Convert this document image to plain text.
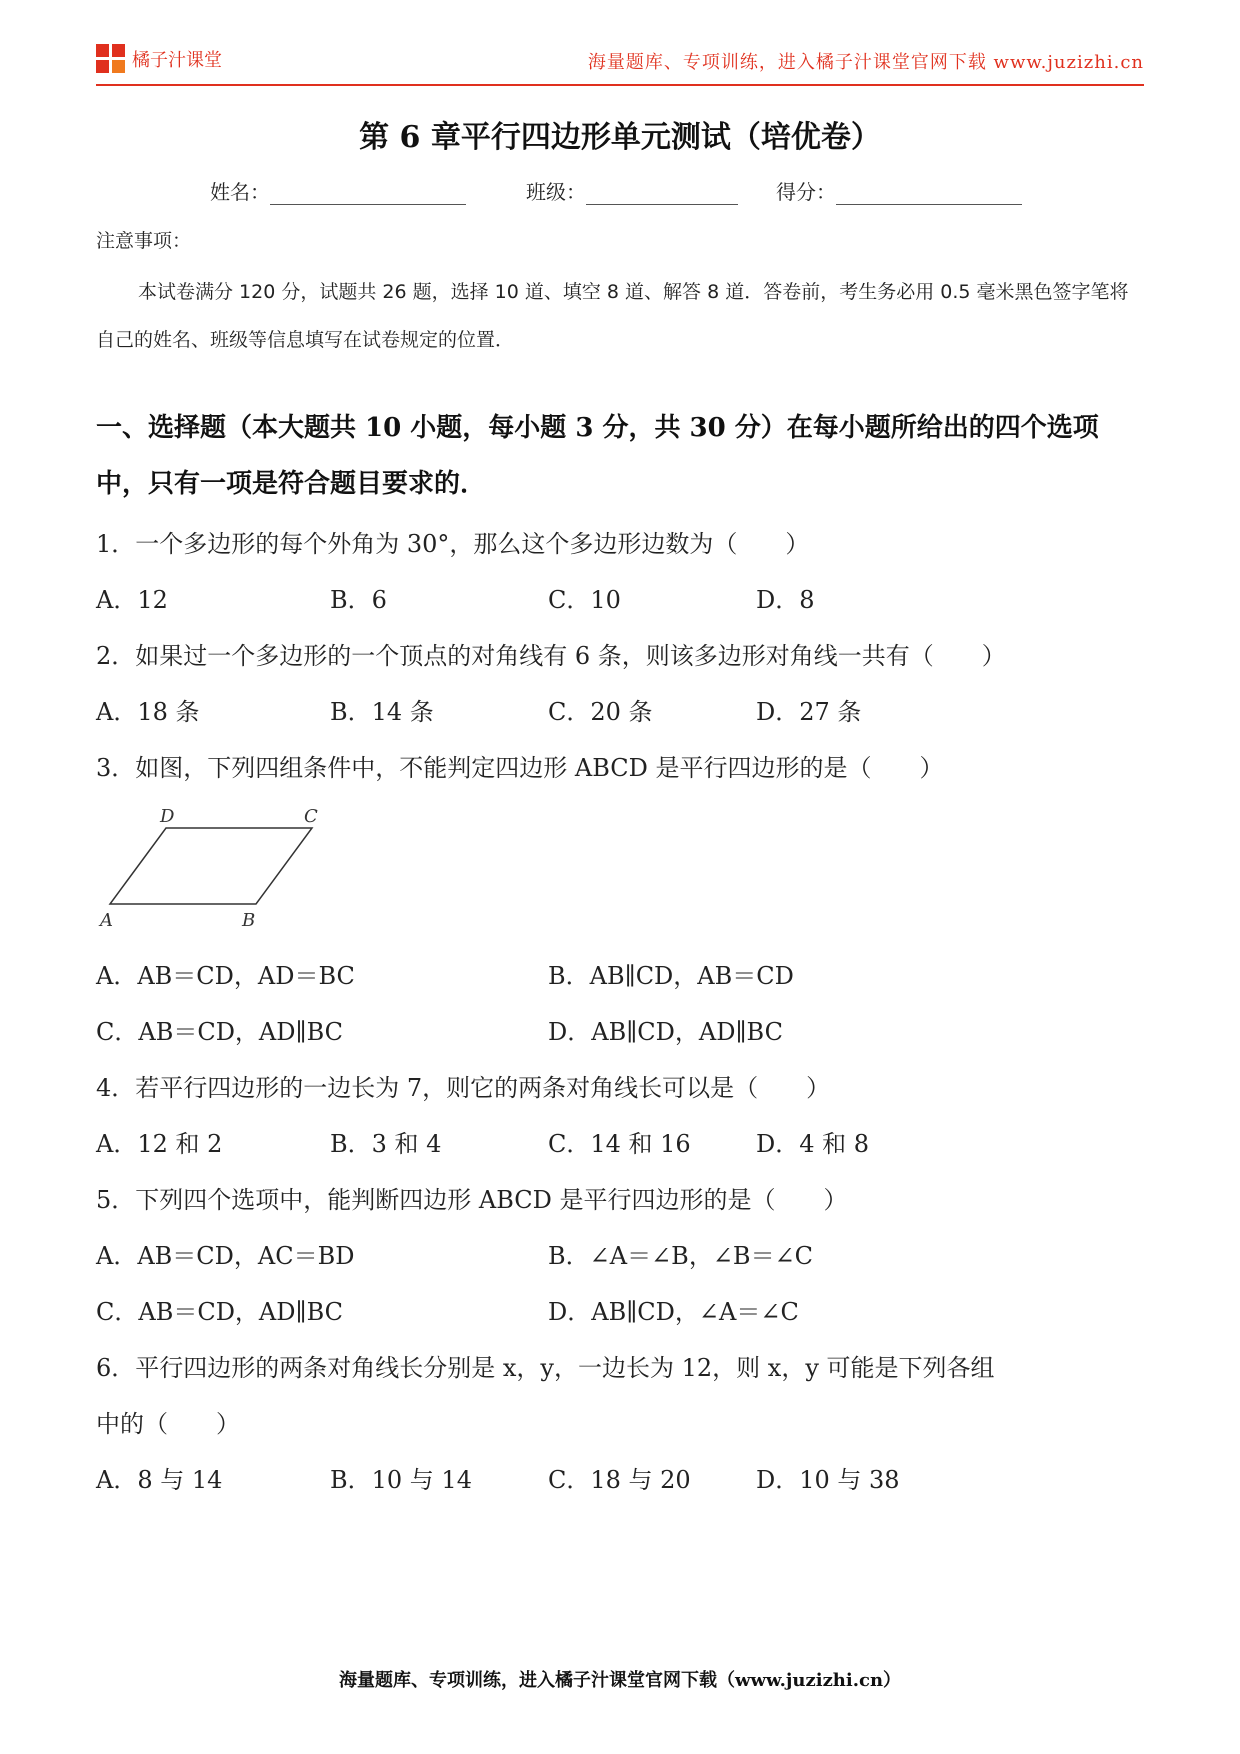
橘子汁课堂	海量题库、专项训练，进入橘子汁课堂官网下载 www.juzizhi.cn
第 6 章平行四边形单元测试（培优卷）
姓名：	班级：	得分：
注意事项：
本试卷满分 120 分，试题共 26 题，选择 10 道、填空 8 道、解答 8 道．答卷前，考生务必用 0.5 毫米黑色签字笔将自己的姓名、班级等信息填写在试卷规定的位置．
一、选择题（本大题共 10 小题，每小题 3 分，共 30 分）在每小题所给出的四个选项中，只有一项是符合题目要求的．
1．一个多边形的每个外角为 30°，那么这个多边形边数为（　　）
A．12	B．6	C．10	D．8
2．如果过一个多边形的一个顶点的对角线有 6 条，则该多边形对角线一共有（　　）
A．18 条	B．14 条	C．20 条	D．27 条
3．如图，下列四组条件中，不能判定四边形 ABCD 是平行四边形的是（　　）
D	C
A	B
A．AB＝CD，AD＝BC	B．AB∥CD，AB＝CD
C．AB＝CD，AD∥BC	D．AB∥CD，AD∥BC
4．若平行四边形的一边长为 7，则它的两条对角线长可以是（　　）
A．12 和 2	B．3 和 4	C．14 和 16	D．4 和 8
5．下列四个选项中，能判断四边形 ABCD 是平行四边形的是（　　）
A．AB＝CD，AC＝BD	B．∠A＝∠B，∠B＝∠C
C．AB＝CD，AD∥BC	D．AB∥CD，∠A＝∠C
6．平行四边形的两条对角线长分别是 x，y，一边长为 12，则 x，y 可能是下列各组
中的（　　）
A．8 与 14	B．10 与 14	C．18 与 20	D．10 与 38
海量题库、专项训练，进入橘子汁课堂官网下载（www.juzizhi.cn）
